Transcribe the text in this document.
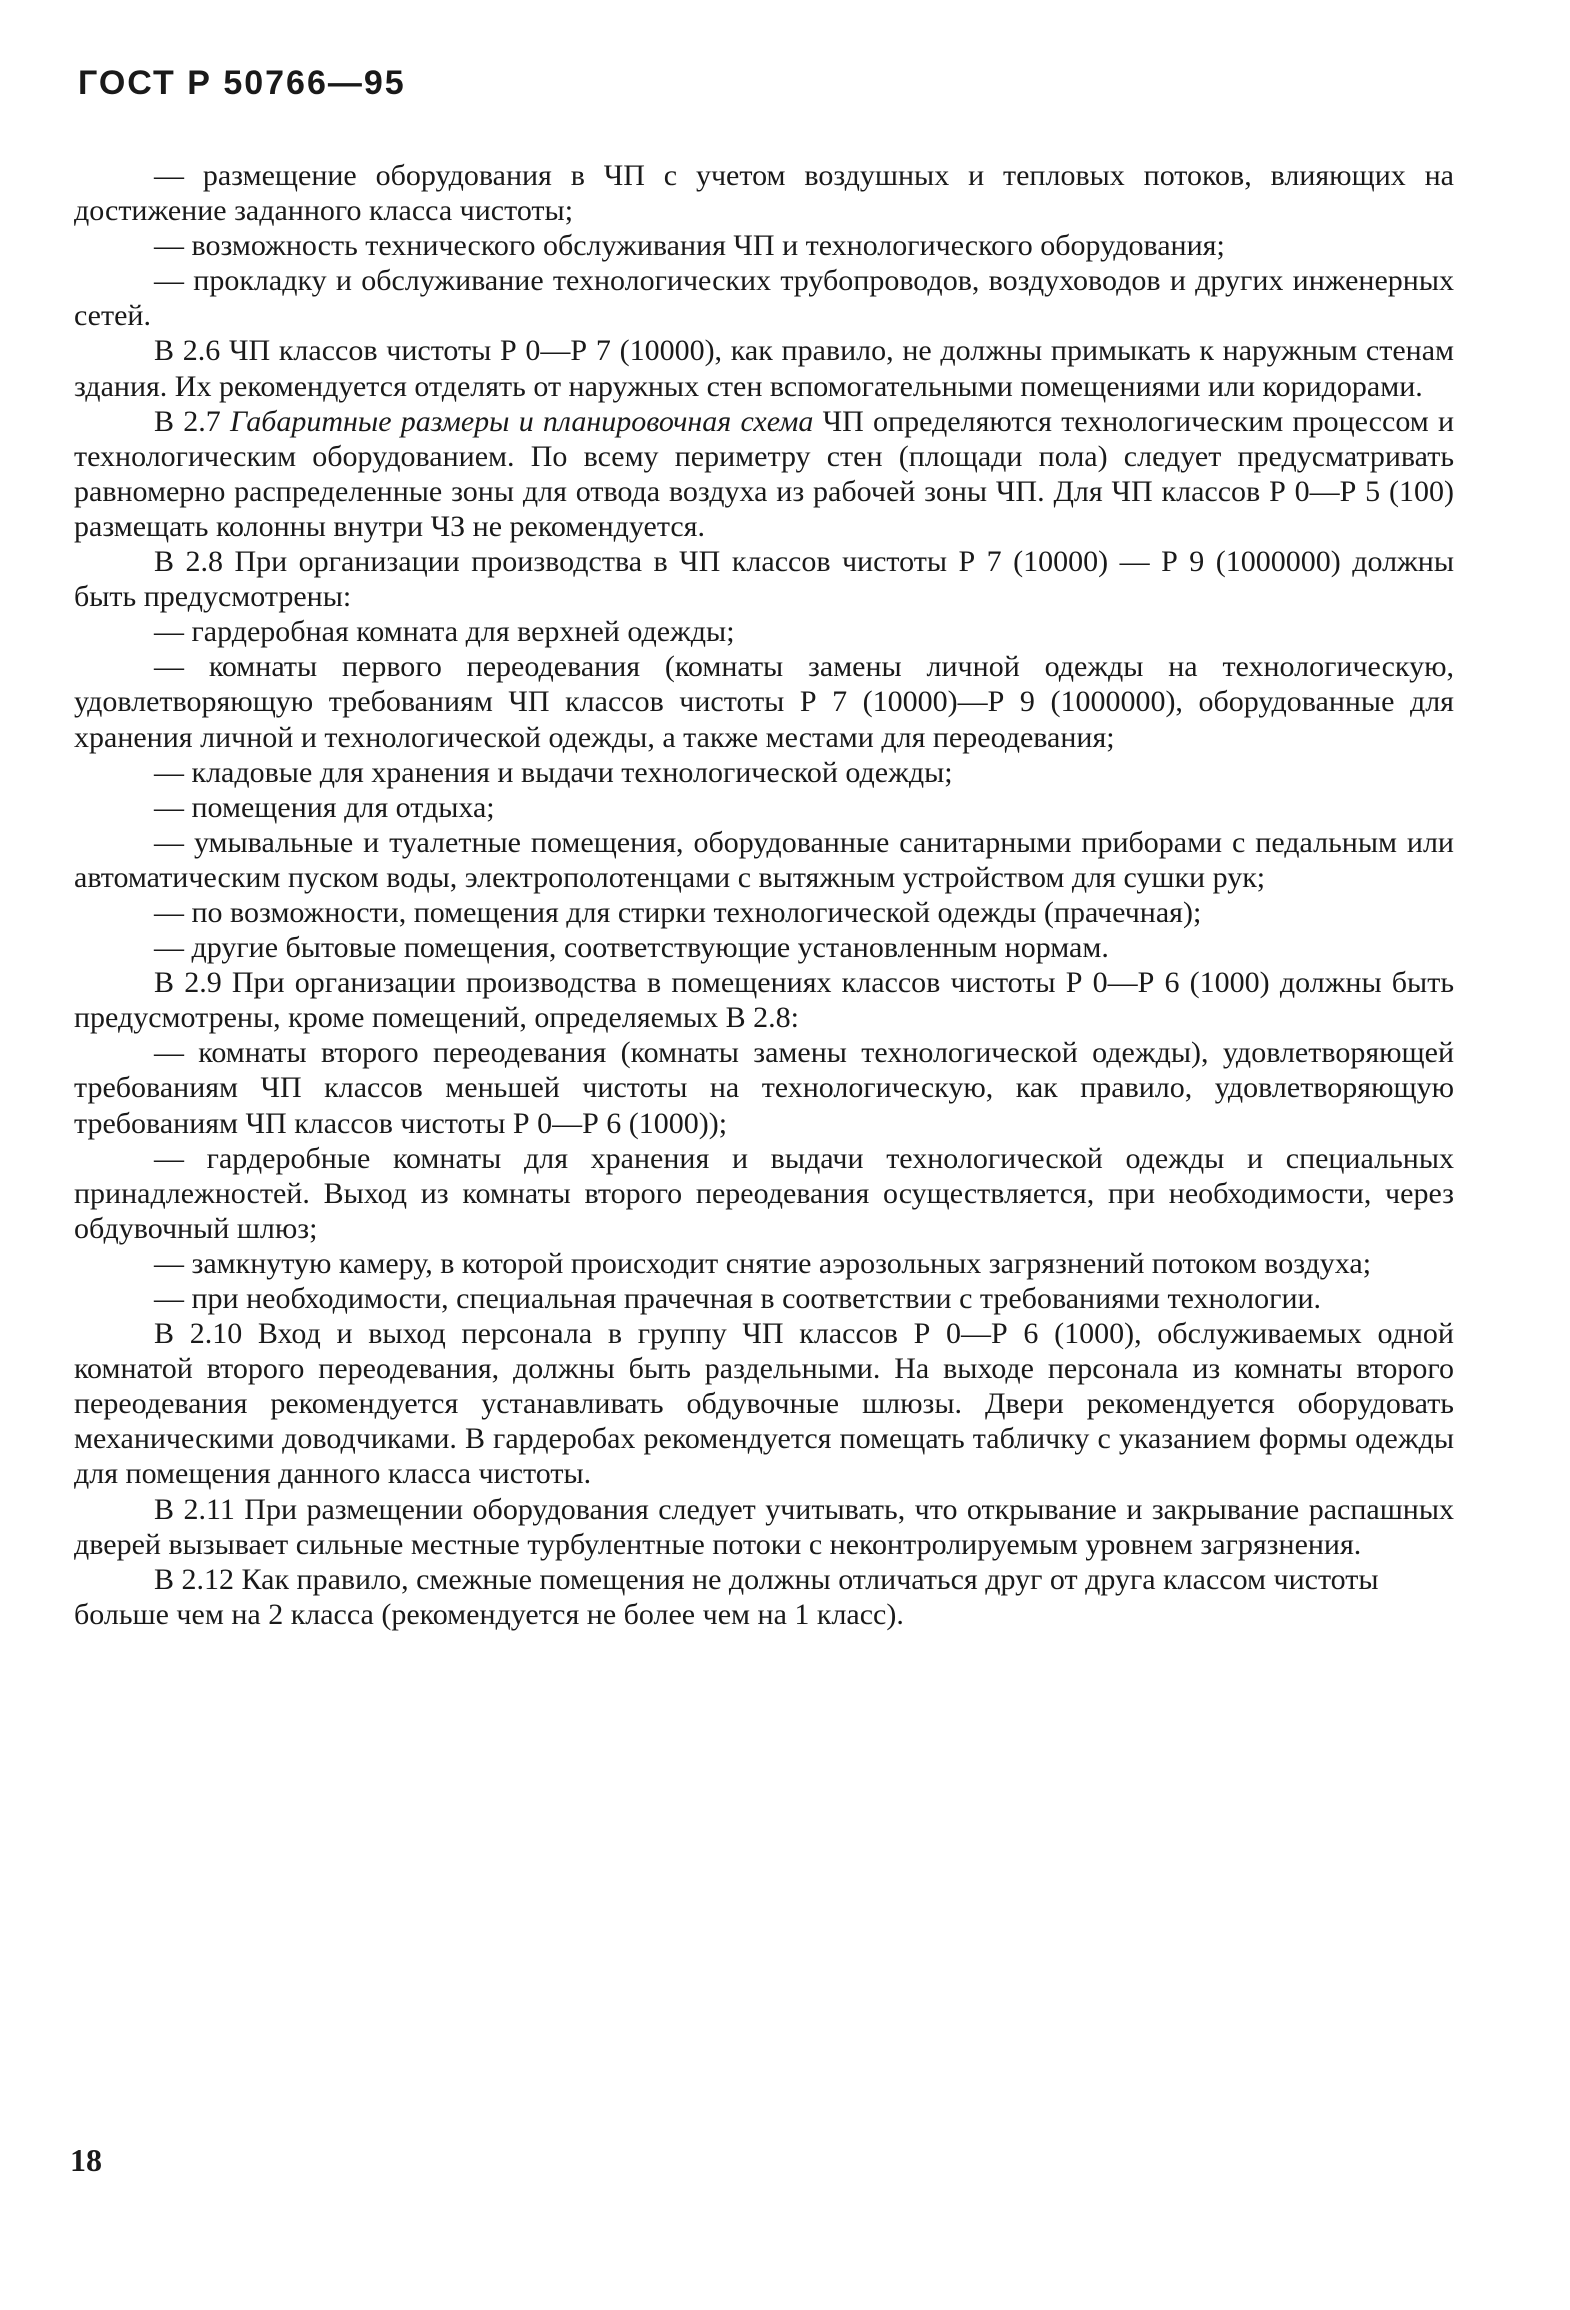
ГОСТ Р 50766—95

— размещение оборудования в ЧП с учетом воздушных и тепловых потоков, влияющих на достижение заданного класса чистоты;

— возможность технического обслуживания ЧП и технологического оборудования;

— прокладку и обслуживание технологических трубопроводов, воздуховодов и других инженерных сетей.

В 2.6 ЧП классов чистоты Р 0—Р 7 (10000), как правило, не должны примыкать к наружным стенам здания. Их рекомендуется отделять от наружных стен вспомогательными помещениями или коридорами.

В 2.7 Габаритные размеры и планировочная схема ЧП определяются технологическим процессом и технологическим оборудованием. По всему периметру стен (площади пола) следует предусматривать равномерно распределенные зоны для отвода воздуха из рабочей зоны ЧП. Для ЧП классов Р 0—Р 5 (100) размещать колонны внутри ЧЗ не рекомендуется.

В 2.8 При организации производства в ЧП классов чистоты Р 7 (10000) — Р 9 (1000000) должны быть предусмотрены:

— гардеробная комната для верхней одежды;

— комнаты первого переодевания (комнаты замены личной одежды на технологическую, удовлетворяющую требованиям ЧП классов чистоты Р 7 (10000)—Р 9 (1000000), оборудованные для хранения личной и технологической одежды, а также местами для переодевания;

— кладовые для хранения и выдачи технологической одежды;

— помещения для отдыха;

— умывальные и туалетные помещения, оборудованные санитарными приборами с педальным или автоматическим пуском воды, электрополотенцами с вытяжным устройством для сушки рук;

— по возможности, помещения для стирки технологической одежды (прачечная);

— другие бытовые помещения, соответствующие установленным нормам.

В 2.9 При организации производства в помещениях классов чистоты Р 0—Р 6 (1000) должны быть предусмотрены, кроме помещений, определяемых В 2.8:

— комнаты второго переодевания (комнаты замены технологической одежды), удовлетворяющей требованиям ЧП классов меньшей чистоты на технологическую, как правило, удовлетворяющую требованиям ЧП классов чистоты Р 0—Р 6 (1000));

— гардеробные комнаты для хранения и выдачи технологической одежды и специальных принадлежностей. Выход из комнаты второго переодевания осуществляется, при необходимости, через обдувочный шлюз;

— замкнутую камеру, в которой происходит снятие аэрозольных загрязнений потоком воздуха;

— при необходимости, специальная прачечная в соответствии с требованиями технологии.

В 2.10 Вход и выход персонала в группу ЧП классов Р 0—Р 6 (1000), обслуживаемых одной комнатой второго переодевания, должны быть раздельными. На выходе персонала из комнаты второго переодевания рекомендуется устанавливать обдувочные шлюзы. Двери рекомендуется оборудовать механическими доводчиками. В гардеробах рекомендуется помещать табличку с указанием формы одежды для помещения данного класса чистоты.

В 2.11 При размещении оборудования следует учитывать, что открывание и закрывание распашных дверей вызывает сильные местные турбулентные потоки с неконтролируемым уровнем загрязнения.

В 2.12 Как правило, смежные помещения не должны отличаться друг от друга классом чистоты больше чем на 2 класса (рекомендуется не более чем на 1 класс).

18
